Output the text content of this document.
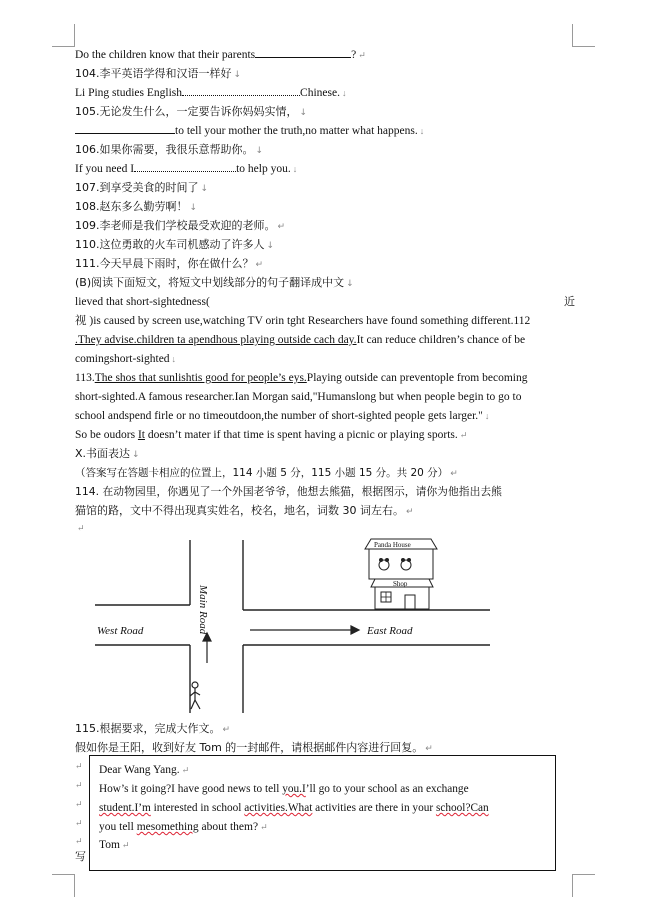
Do the children know that their parents	? ↵
104.李平英语学得和汉语一样好 ↓
Li Ping studies English	Chinese. ↓
105.无论发生什么，一定要告诉你妈妈实情， ↓
to tell your mother the truth,no matter what happens. ↓
106.如果你需要，我很乐意帮助你。 ↓
If you need I	to help you. ↓
107.到享受美食的时间了 ↓
108.赵东多么勤劳啊！ ↓
109.李老师是我们学校最受欢迎的老师。 ↵
110.这位勇敢的火车司机感动了许多人 ↓
111.今天早晨下雨时，你在做什么？ ↵
(B)阅读下面短文，将短文中划线部分的句子翻译成中文 ↓
lieved that short-sightedness(	近
视 )is caused by screen use,watching TV orin tght Researchers have found something different.112
.They advise.children ta apendhous playing outside cach day.It can reduce children’s chance of be
comingshort-sighted ↓
113.The shos that sunlishtis good for people’s eys.Playing outside can preventople from becoming
short-sighted.A famous researcher.Ian Morgan said,"Humanslong but when people begin to go to
school andspend firle or no timeoutdoon,the number of short-sighted people gets larger." ↓
So be oudors It doesn’t mater if that time is spent having a picnic or playing sports. ↵
X.书面表达 ↓
（答案写在答题卡相应的位置上，114 小题 5 分，115 小题 15 分。共 20 分） ↵
114. 在动物园里，你遇见了一个外国老爷爷，他想去熊猫，根据图示，请你为他指出去熊
猫馆的路，文中不得出现真实姓名，校名，地名，词数 30 词左右。 ↵
↵
West Road	East Road
Main Road
Panda House
Shop
115.根据要求，完成大作文。 ↵
假如你是王阳，收到好友 Tom 的一封邮件，请根据邮件内容进行回复。 ↵
↵
↵
↵
↵
↵
写
Dear Wang Yang. ↵
How’s it going?I have good news to tell you.I’ll go to your school as an exchange
student.I’m interested in school activities.What activities are there in your school?Can
you tell mesomething about them? ↵
Tom ↵
